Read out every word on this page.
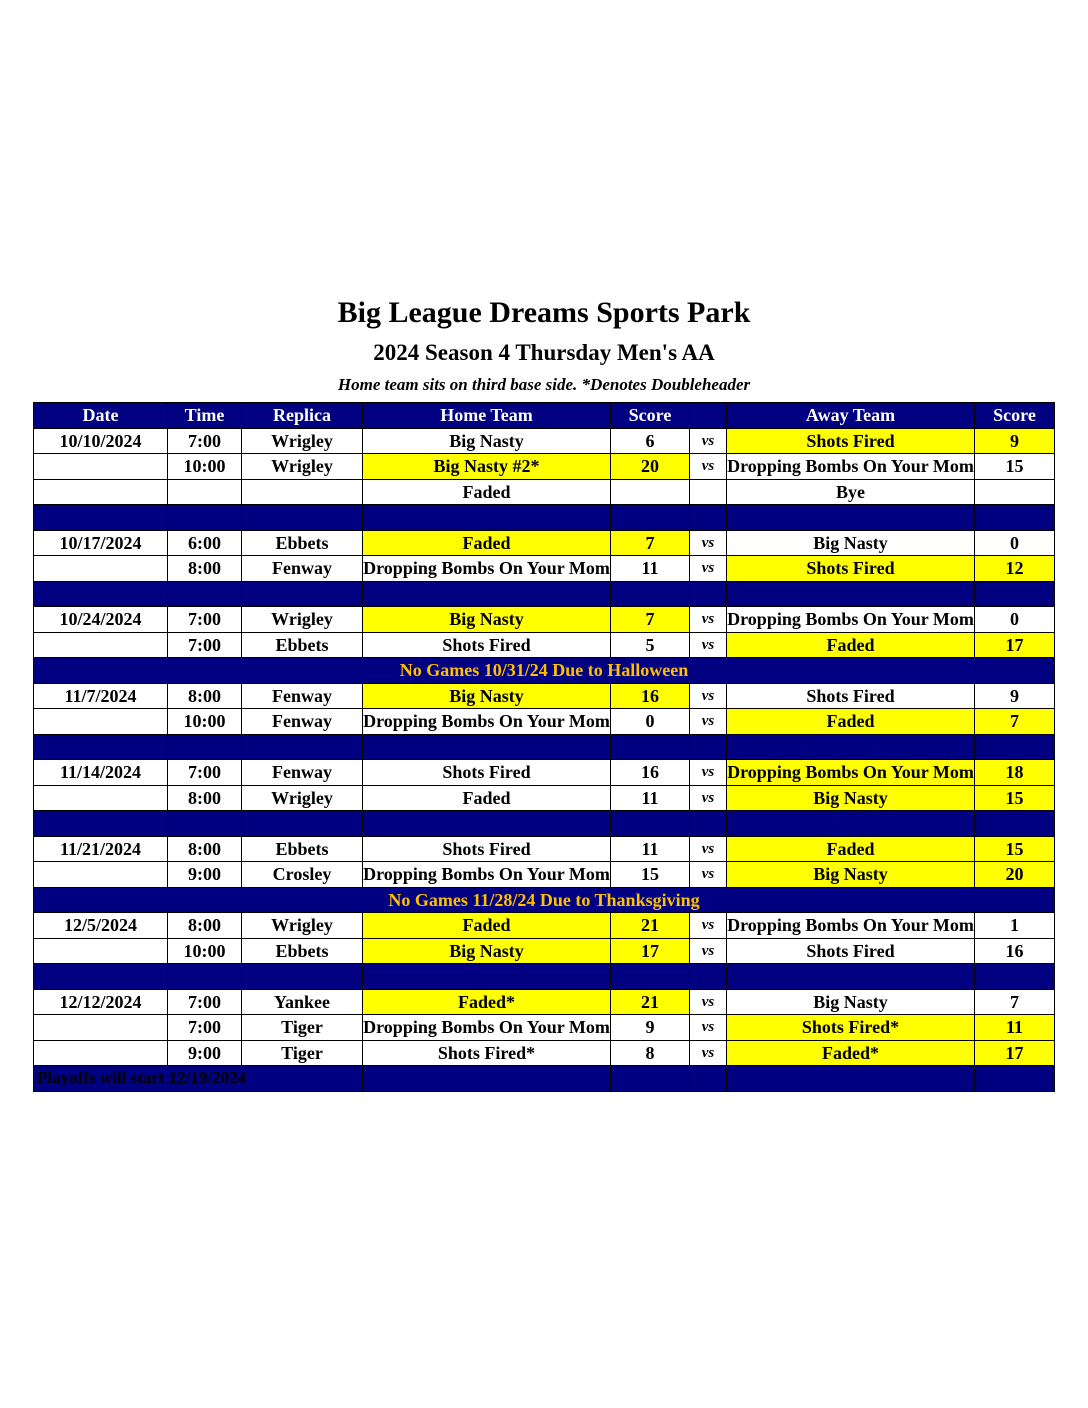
Big League Dreams Sports Park
2024 Season 4 Thursday Men's AA
Home team sits on third base side. *Denotes Doubleheader
Date	Time	Replica	Home Team	Score		Away Team	Score
10/10/2024	7:00	Wrigley	Big Nasty	6	vs	Shots Fired	9
	10:00	Wrigley	Big Nasty #2*	20	vs	Dropping Bombs On Your Mom	15
			Faded			Bye	

10/17/2024	6:00	Ebbets	Faded	7	vs	Big Nasty	0
	8:00	Fenway	Dropping Bombs On Your Mom	11	vs	Shots Fired	12

10/24/2024	7:00	Wrigley	Big Nasty	7	vs	Dropping Bombs On Your Mom	0
	7:00	Ebbets	Shots Fired	5	vs	Faded	17
No Games 10/31/24 Due to Halloween							
11/7/2024	8:00	Fenway	Big Nasty	16	vs	Shots Fired	9
	10:00	Fenway	Dropping Bombs On Your Mom	0	vs	Faded	7

11/14/2024	7:00	Fenway	Shots Fired	16	vs	Dropping Bombs On Your Mom	18
	8:00	Wrigley	Faded	11	vs	Big Nasty	15

11/21/2024	8:00	Ebbets	Shots Fired	11	vs	Faded	15
	9:00	Crosley	Dropping Bombs On Your Mom	15	vs	Big Nasty	20
No Games 11/28/24 Due to Thanksgiving							
12/5/2024	8:00	Wrigley	Faded	21	vs	Dropping Bombs On Your Mom	1
	10:00	Ebbets	Big Nasty	17	vs	Shots Fired	16

12/12/2024	7:00	Yankee	Faded*	21	vs	Big Nasty	7
	7:00	Tiger	Dropping Bombs On Your Mom	9	vs	Shots Fired*	11
	9:00	Tiger	Shots Fired*	8	vs	Faded*	17

Playoffs will start 12/19/2024
